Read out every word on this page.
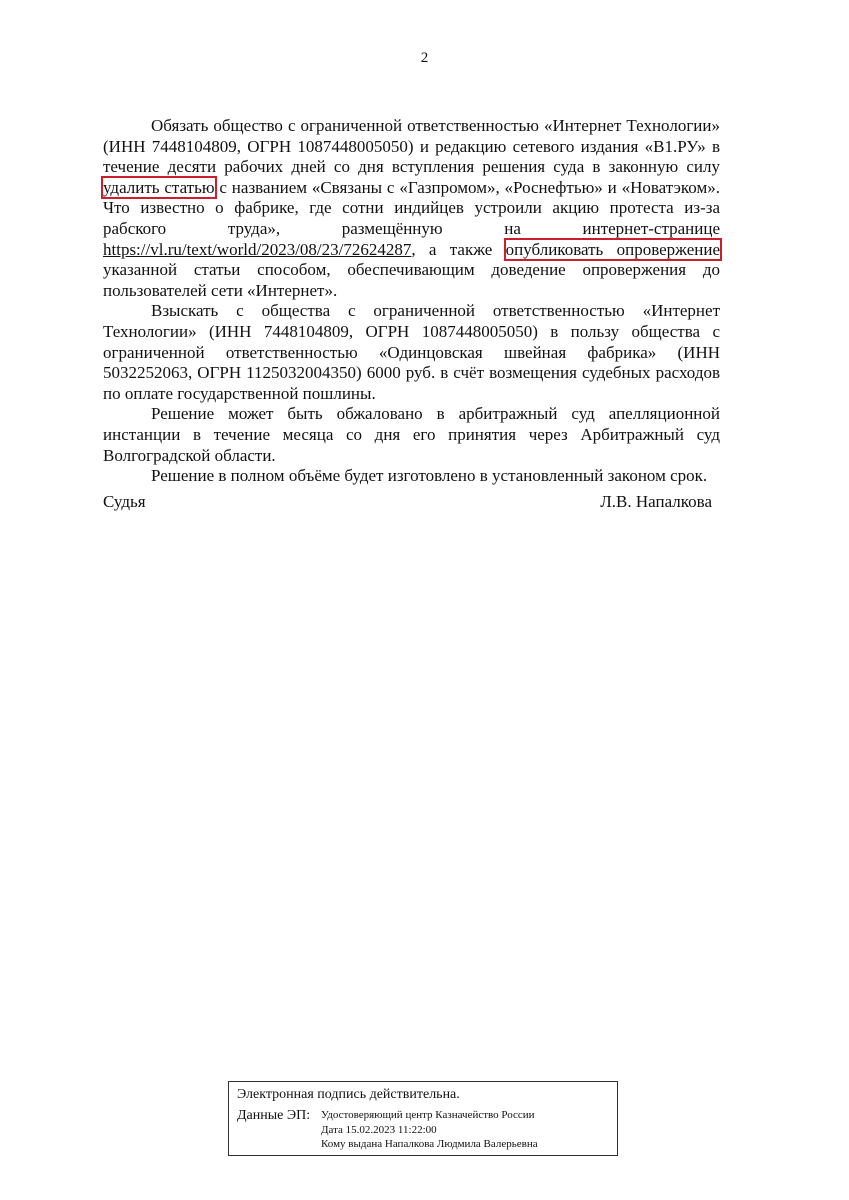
2

Обязать общество с ограниченной ответственностью «Интернет Технологии» (ИНН 7448104809, ОГРН 1087448005050) и редакцию сетевого издания «В1.РУ» в течение десяти рабочих дней со дня вступления решения суда в законную силу удалить статью с названием «Связаны с «Газпромом», «Роснефтью» и «Новатэком». Что известно о фабрике, где сотни индийцев устроили акцию протеста из-за рабского труда», размещённую на интернет-странице https://vl.ru/text/world/2023/08/23/72624287, а также опубликовать опровержение указанной статьи способом, обеспечивающим доведение опровержения до пользователей сети «Интернет».

Взыскать с общества с ограниченной ответственностью «Интернет Технологии» (ИНН 7448104809, ОГРН 1087448005050) в пользу общества с ограниченной ответственностью «Одинцовская швейная фабрика» (ИНН 5032252063, ОГРН 1125032004350) 6000 руб. в счёт возмещения судебных расходов по оплате государственной пошлины.

Решение может быть обжаловано в арбитражный суд апелляционной инстанции в течение месяца со дня его принятия через Арбитражный суд Волгоградской области.

Решение в полном объёме будет изготовлено в установленный законом срок.

Судья	Л.В. Напалкова
Электронная подпись действительна.
Данные ЭП: Удостоверяющий центр Казначейство России
Дата 15.02.2023 11:22:00
Кому выдана Напалкова Людмила Валерьевна
